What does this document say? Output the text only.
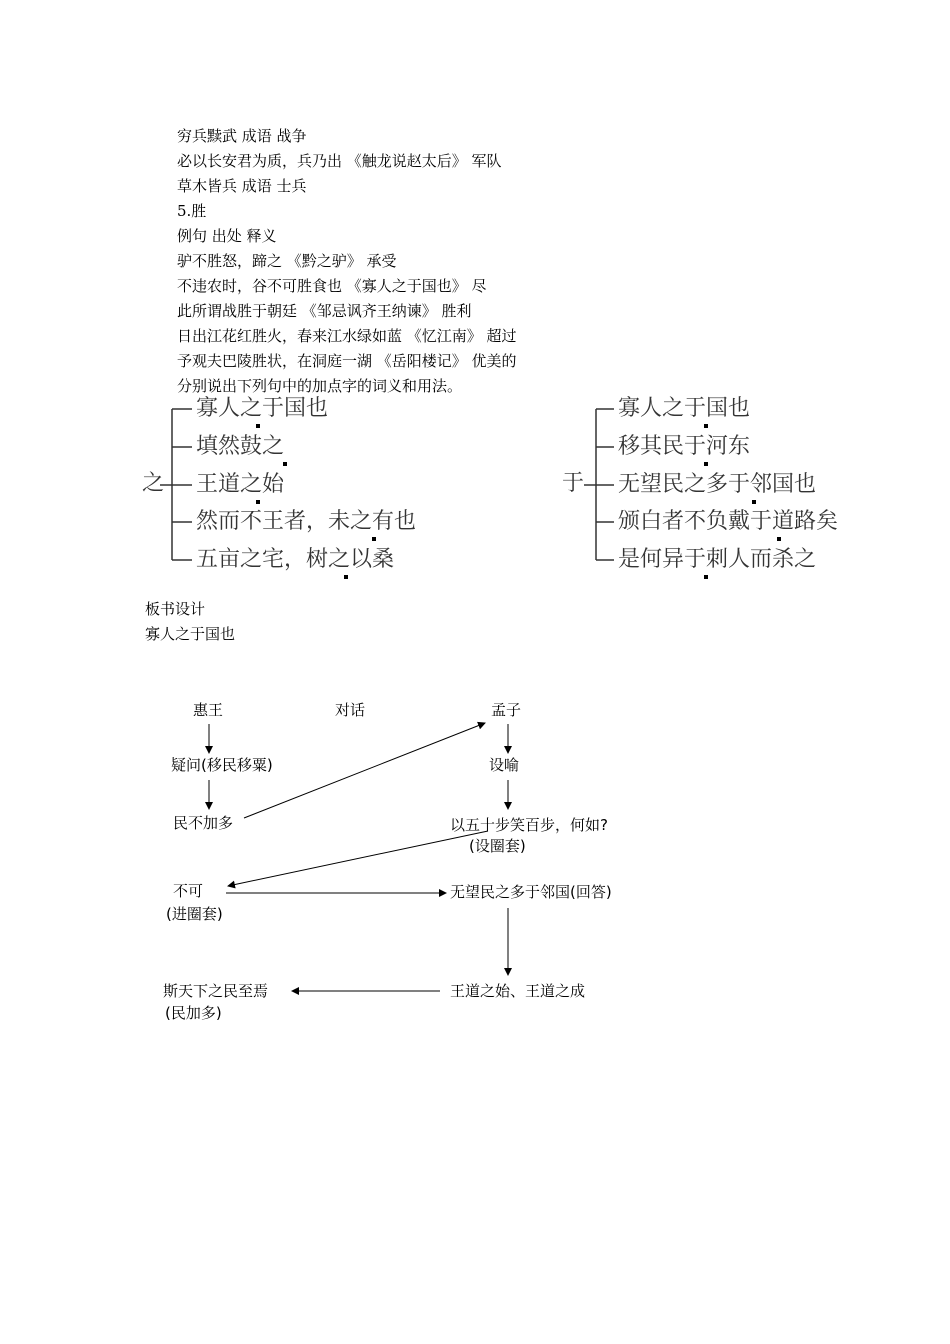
穷兵黩武 成语 战争
必以长安君为质，兵乃出 《触龙说赵太后》 军队
草木皆兵 成语 士兵
5.胜
例句 出处 释义
驴不胜怒，蹄之 《黔之驴》 承受
不违农时，谷不可胜食也 《寡人之于国也》 尽
此所谓战胜于朝廷 《邹忌讽齐王纳谏》 胜利
日出江花红胜火，春来江水绿如蓝 《忆江南》 超过
予观夫巴陵胜状，在洞庭一湖 《岳阳楼记》 优美的
分别说出下列句中的加点字的词义和用法。
之
寡人之于国也
填然鼓之
王道之始
然而不王者，未之有也
五亩之宅，树之以桑
于
寡人之于国也
移其民于河东
无望民之多于邻国也
颁白者不负戴于道路矣
是何异于刺人而杀之
板书设计
寡人之于国也
惠王	对话	孟子
疑问(移民移粟)	设喻
民不加多	以五十步笑百步，何如?
(设圈套)
不可
(进圈套)
无望民之多于邻国(回答)
王道之始、王道之成
斯天下之民至焉
(民加多)
